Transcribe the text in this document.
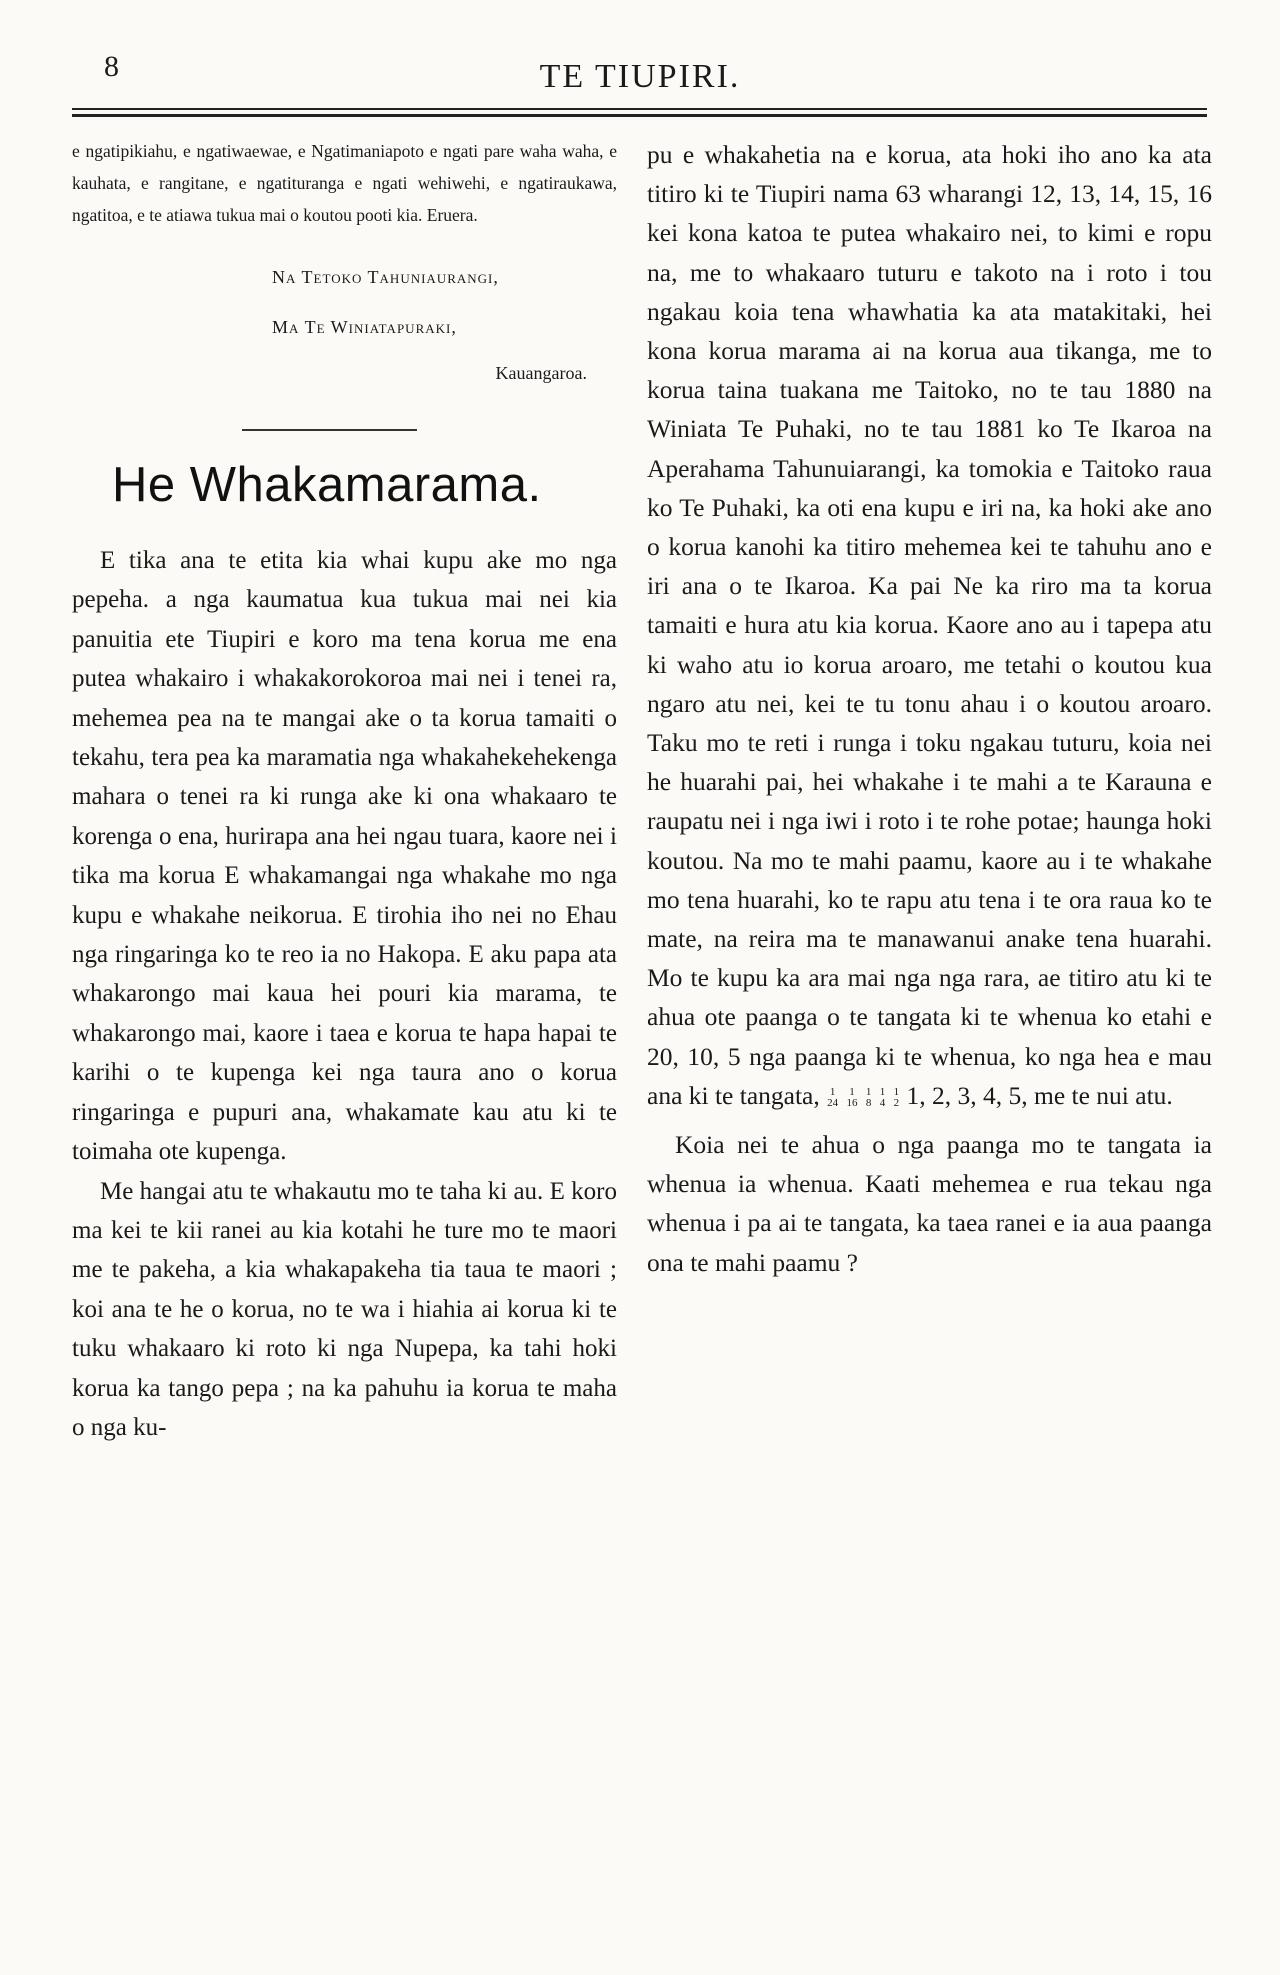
8	TE TIUPIRI.

e ngatipikiahu, e ngatiwaewae, e Ngatimaniapoto e ngati pare waha waha, e kauhata, e rangitane, e ngatituranga e ngati wehiwehi, e ngatiraukawa, ngatitoa, e te atiawa tukua mai o koutou pooti kia. Eruera.

Na Tetoko Tahuniaurangi,

Ma Te Winiatapuraki,

Kauangaroa.

He Whakamarama.

E tika ana te etita kia whai kupu ake mo nga pepeha. a nga kaumatua kua tukua mai nei kia panuitia ete Tiupiri e koro ma tena korua me ena putea whakairo i whakakorokoroa mai nei i tenei ra, mehemea pea na te mangai ake o ta korua tamaiti o tekahu, tera pea ka maramatia nga whakahekehekenga mahara o tenei ra ki runga ake ki ona whakaaro te korenga o ena, hurirapa ana hei ngau tuara, kaore nei i tika ma korua E whakamangai nga whakahe mo nga kupu e whakahe neikorua. E tirohia iho nei no Ehau nga ringaringa ko te reo ia no Hakopa. E aku papa ata whakarongo mai kaua hei pouri kia marama, te whakarongo mai, kaore i taea e korua te hapa hapai te karihi o te kupenga kei nga taura ano o korua ringaringa e pupuri ana, whakamate kau atu ki te toimaha ote kupenga.

Me hangai atu te whakautu mo te taha ki au. E koro ma kei te kii ranei au kia kotahi he ture mo te maori me te pakeha, a kia whakapakeha tia taua te maori ; koi ana te he o korua, no te wa i hiahia ai korua ki te tuku whakaaro ki roto ki nga Nupepa, ka tahi hoki korua ka tango pepa ; na ka pahuhu ia korua te maha o nga ku-

pu e whakahetia na e korua, ata hoki iho ano ka ata titiro ki te Tiupiri nama 63 wharangi 12, 13, 14, 15, 16 kei kona katoa te putea whakairo nei, to kimi e ropu na, me to whakaaro tuturu e takoto na i roto i tou ngakau koia tena whawhatia ka ata matakitaki, hei kona korua marama ai na korua aua tikanga, me to korua taina tuakana me Taitoko, no te tau 1880 na Winiata Te Puhaki, no te tau 1881 ko Te Ikaroa na Aperahama Tahunuiarangi, ka tomokia e Taitoko raua ko Te Puhaki, ka oti ena kupu e iri na, ka hoki ake ano o korua kanohi ka titiro mehemea kei te tahuhu ano e iri ana o te Ikaroa. Ka pai Ne ka riro ma ta korua tamaiti e hura atu kia korua. Kaore ano au i tapepa atu ki waho atu io korua aroaro, me tetahi o koutou kua ngaro atu nei, kei te tu tonu ahau i o koutou aroaro. Taku mo te reti i runga i toku ngakau tuturu, koia nei he huarahi pai, hei whakahe i te mahi a te Karauna e raupatu nei i nga iwi i roto i te rohe potae; haunga hoki koutou. Na mo te mahi paamu, kaore au i te whakahe mo tena huarahi, ko te rapu atu tena i te ora raua ko te mate, na reira ma te manawanui anake tena huarahi. Mo te kupu ka ara mai nga nga rara, ae titiro atu ki te ahua ote paanga o te tangata ki te whenua ko etahi e 20, 10, 5 nga paanga ki te whenua, ko nga hea e mau ana ki te tangata, 1
24

1
16

1
8

1
4

1
2 1, 2, 3, 4, 5, me te nui atu.

Koia nei te ahua o nga paanga mo te tangata ia whenua ia whenua. Kaati mehemea e rua tekau nga whenua i pa ai te tangata, ka taea ranei e ia aua paanga ona te mahi paamu ?
